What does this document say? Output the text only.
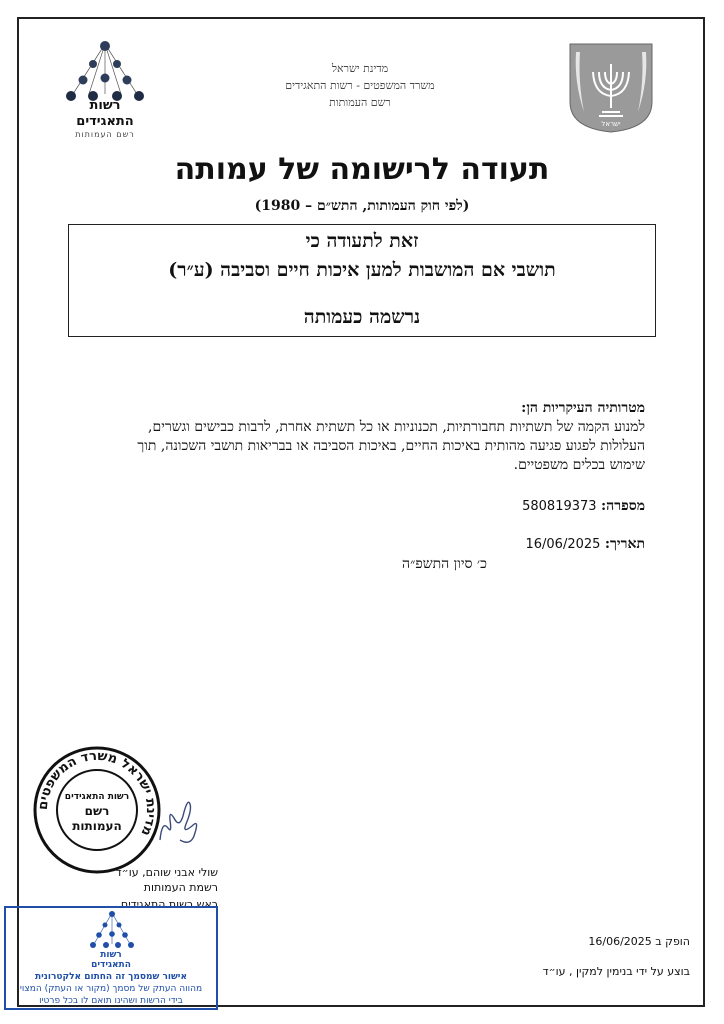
מדינת ישראל
משרד המשפטים - רשות התאגידים
רשם העמותות
ישראל
רשות
התאגידים
רשם העמותות
תעודה לרישומה של עמותה
(לפי חוק העמותות, התש״ם – 1980)
זאת לתעודה כי
תושבי אם המושבות למען איכות חיים וסביבה (ע״ר)
נרשמה כעמותה
מטרותיה העיקריות הן:
למנוע הקמה של תשתיות תחבורתיות, תכנוניות או כל תשתית אחרת, לרבות כבישים וגשרים, העלולות לפגוע פגיעה מהותית באיכות החיים, באיכות הסביבה או בבריאות תושבי השכונה, תוך שימוש בכלים משפטיים.
מספרה: 580819373
תאריך: 16/06/2025
כ׳ סיון התשפ״ה
מדינת ישראל משרד המשפטים
רשות התאגידים
רשם
העמותות
שולי אבני שוהם, עו״ד
רשמת העמותות
ראש רשות התאגידים
רשות
התאגידים
אישור שמסמך זה החתום אלקטרונית
מהווה העתק של מסמך (מקור או העתק) המצוי
בידי הרשות ושהינו תואם לו בכל פרטיו
הופק ב 16/06/2025
בוצע על ידי בנימין למקין , עו״ד
